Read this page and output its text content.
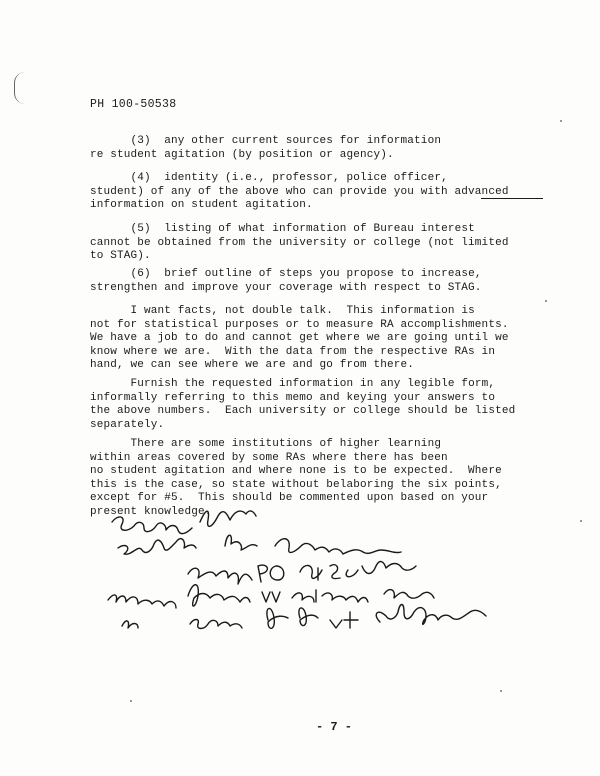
PH 100-50538
(3)  any other current sources for information
re student agitation (by position or agency).
(4)  identity (i.e., professor, police officer,
student) of any of the above who can provide you with advanced
information on student agitation.
(5)  listing of what information of Bureau interest
cannot be obtained from the university or college (not limited
to STAG).
(6)  brief outline of steps you propose to increase,
strengthen and improve your coverage with respect to STAG.
I want facts, not double talk.  This information is
not for statistical purposes or to measure RA accomplishments.
We have a job to do and cannot get where we are going until we
know where we are.  With the data from the respective RAs in
hand, we can see where we are and go from there.
Furnish the requested information in any legible form,
informally referring to this memo and keying your answers to
the above numbers.  Each university or college should be listed
separately.
There are some institutions of higher learning
within areas covered by some RAs where there has been
no student agitation and where none is to be expected.  Where
this is the case, so state without belaboring the six points,
except for #5.  This should be commented upon based on your
present knowledge.
- 7 -
